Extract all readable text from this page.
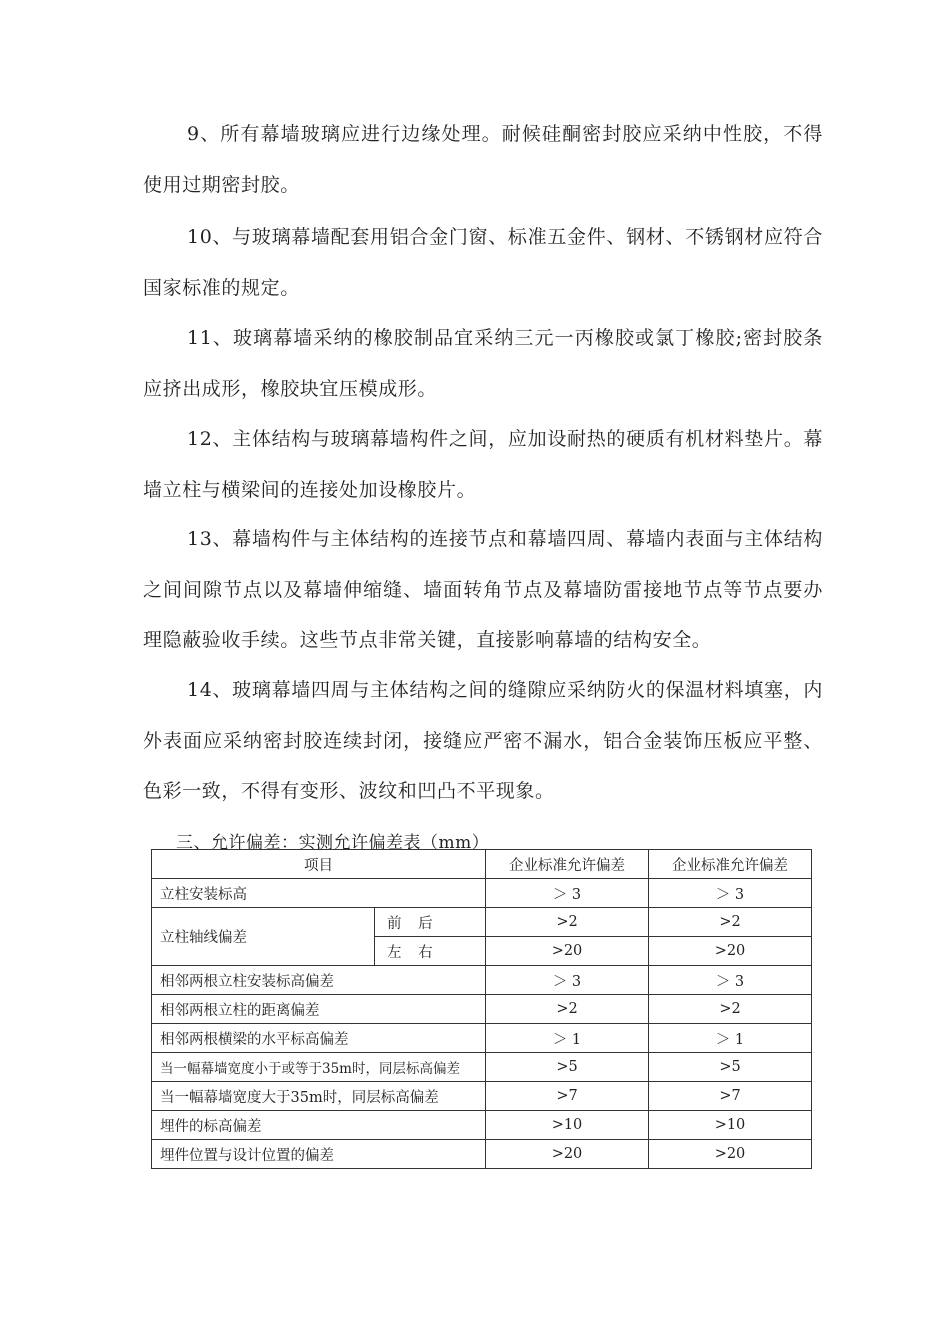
9、所有幕墙玻璃应进行边缘处理。耐候硅酮密封胶应采纳中性胶，不得使用过期密封胶。
10、与玻璃幕墙配套用铝合金门窗、标准五金件、钢材、不锈钢材应符合国家标准的规定。
11、玻璃幕墙采纳的橡胶制品宜采纳三元一丙橡胶或氯丁橡胶;密封胶条应挤出成形，橡胶块宜压模成形。
12、主体结构与玻璃幕墙构件之间，应加设耐热的硬质有机材料垫片。幕墙立柱与横梁间的连接处加设橡胶片。
13、幕墙构件与主体结构的连接节点和幕墙四周、幕墙内表面与主体结构之间间隙节点以及幕墙伸缩缝、墙面转角节点及幕墙防雷接地节点等节点要办理隐蔽验收手续。这些节点非常关键，直接影响幕墙的结构安全。
14、玻璃幕墙四周与主体结构之间的缝隙应采纳防火的保温材料填塞，内外表面应采纳密封胶连续封闭，接缝应严密不漏水，铝合金装饰压板应平整、色彩一致，不得有变形、波纹和凹凸不平现象。
三、允许偏差：实测允许偏差表（mm）
项目		企业标准允许偏差	企业标准允许偏差
立柱安装标高		＞ 3	＞ 3
立柱轴线偏差	前 后	>2	>2
	左 右	>20	>20
相邻两根立柱安装标高偏差		＞ 3	＞ 3
相邻两根立柱的距离偏差		>2	>2
相邻两根横梁的水平标高偏差		＞ 1	＞ 1
当一幅幕墙宽度小于或等于35m时，同层标高偏差		>5	>5
当一幅幕墙宽度大于35m时，同层标高偏差		>7	>7
埋件的标高偏差		>10	>10
埋件位置与设计位置的偏差		>20	>20
